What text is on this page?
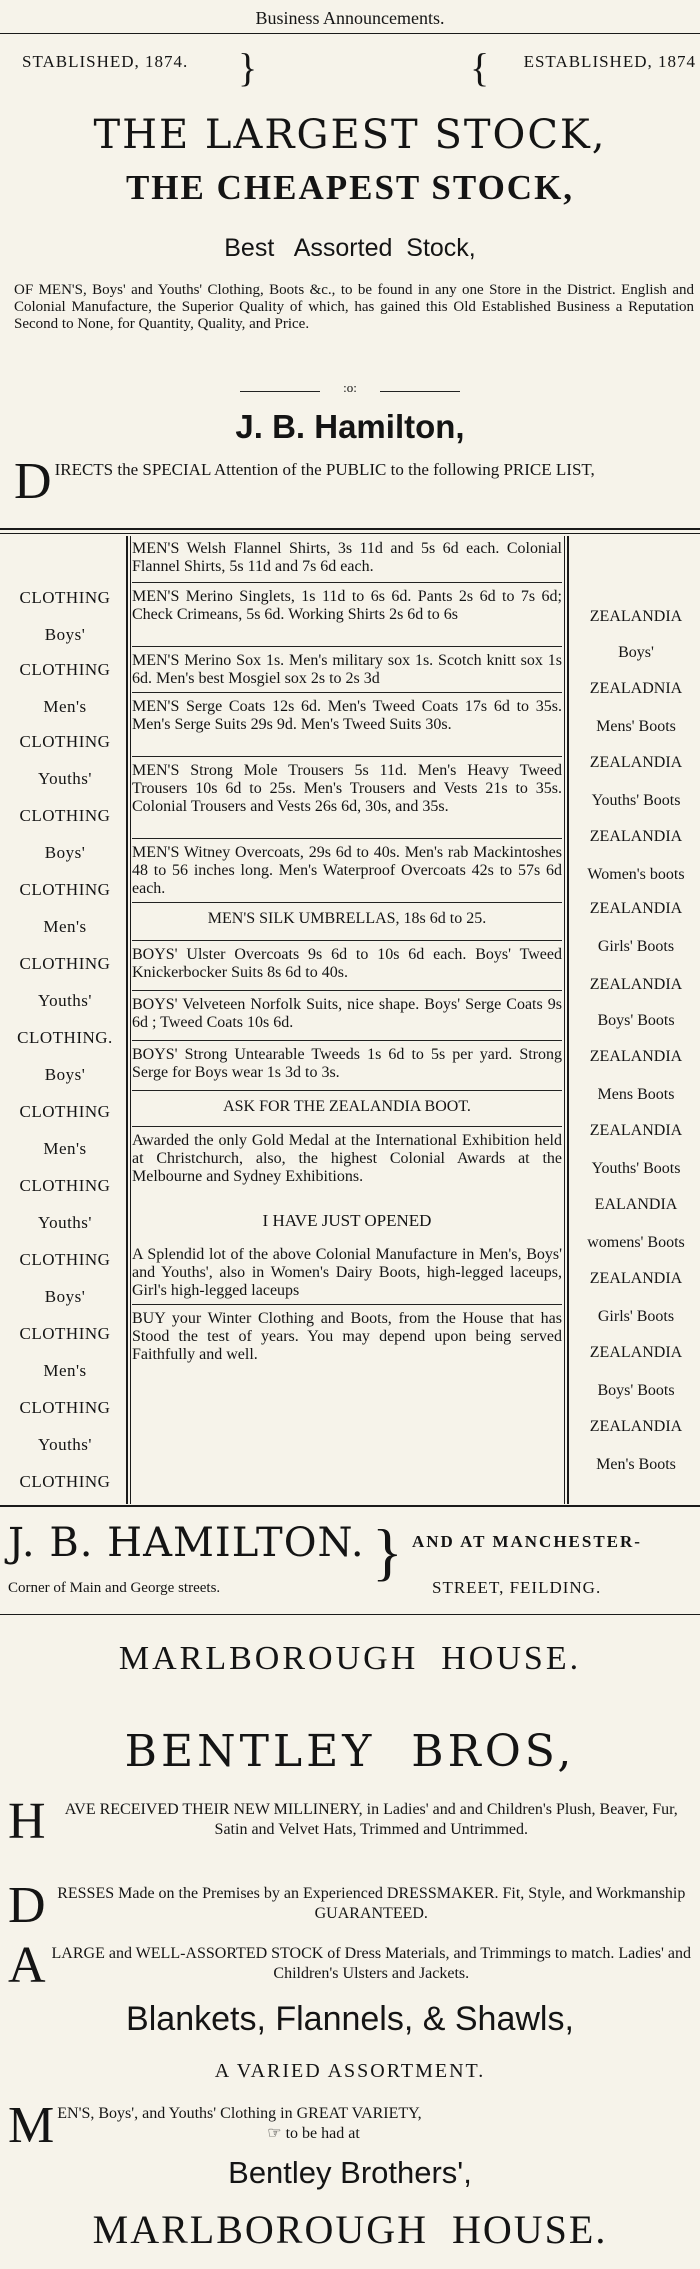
Business Announcements.
STABLISHED, 1874. }	{ ESTABLISHED, 1874
THE LARGEST STOCK,
THE CHEAPEST STOCK,
Best   Assorted  Stock,
OF MEN'S, Boys' and Youths' Clothing, Boots &c., to be found in any one Store in the District. English and Colonial Manufacture, the Superior Quality of which, has gained this Old Established Business a Reputation Second to None, for Quantity, Quality, and Price.
:o:
J. B. Hamilton,
D IRECTS the SPECIAL Attention of the PUBLIC to the following PRICE LIST,
CLOTHING
Boys'
CLOTHING
Men's
CLOTHING
Youths'
CLOTHING
Boys'
CLOTHING
Men's
CLOTHING
Youths'
CLOTHING.
Boys'
CLOTHING
Men's
CLOTHING
Youths'
CLOTHING
Boys'
CLOTHING
Men's
CLOTHING
Youths'
CLOTHING
ZEALANDIA
Boys'
ZEALADNIA
Mens' Boots
ZEALANDIA
Youths' Boots
ZEALANDIA
Women's boots
ZEALANDIA
Girls' Boots
ZEALANDIA
Boys' Boots
ZEALANDIA
Mens Boots
ZEALANDIA
Youths' Boots
EALANDIA
womens' Boots
ZEALANDIA
Girls' Boots
ZEALANDIA
Boys' Boots
ZEALANDIA
Men's Boots
MEN'S Welsh Flannel Shirts, 3s 11d and 5s 6d each. Colonial Flannel Shirts, 5s 11d and 7s 6d each.
MEN'S Merino Singlets, 1s 11d to 6s 6d. Pants 2s 6d to 7s 6d; Check Crimeans, 5s 6d. Working Shirts 2s 6d to 6s
MEN'S Merino Sox 1s. Men's military sox 1s. Scotch knitt sox 1s 6d. Men's best Mosgiel sox 2s to 2s 3d
MEN'S Serge Coats 12s 6d. Men's Tweed Coats 17s 6d to 35s. Men's Serge Suits 29s 9d. Men's Tweed Suits 30s.
MEN'S Strong Mole Trousers 5s 11d. Men's Heavy Tweed Trousers 10s 6d to 25s. Men's Trousers and Vests 21s to 35s. Colonial Trousers and Vests 26s 6d, 30s, and 35s.
MEN'S Witney Overcoats, 29s 6d to 40s. Men's rab Mackintoshes 48 to 56 inches long. Men's Waterproof Overcoats 42s to 57s 6d each.
MEN'S SILK UMBRELLAS, 18s 6d to 25.
BOYS' Ulster Overcoats 9s 6d to 10s 6d each. Boys' Tweed Knickerbocker Suits 8s 6d to 40s.
BOYS' Velveteen Norfolk Suits, nice shape. Boys' Serge Coats 9s 6d ; Tweed Coats 10s 6d.
BOYS' Strong Untearable Tweeds 1s 6d to 5s per yard. Strong Serge for Boys wear 1s 3d to 3s.
ASK FOR THE ZEALANDIA BOOT.
Awarded the only Gold Medal at the International Exhibition held at Christchurch, also, the highest Colonial Awards at the Melbourne and Sydney Exhibitions.
I HAVE JUST OPENED
A Splendid lot of the above Colonial Manufacture in Men's, Boys' and Youths', also in Women's Dairy Boots, high-legged laceups, Girl's high-legged laceups
BUY your Winter Clothing and Boots, from the House that has Stood the test of years. You may depend upon being served Faithfully and well.
J. B. HAMILTON.
Corner of Main and George streets.
} AND AT MANCHESTER-
STREET, FEILDING.
MARLBOROUGH  HOUSE.
BENTLEY  BROS,
H AVE RECEIVED THEIR NEW MILLINERY, in Ladies' and and Children's Plush, Beaver, Fur, Satin and Velvet Hats, Trimmed and Untrimmed.
D RESSES Made on the Premises by an Experienced DRESSMAKER. Fit, Style, and Workmanship GUARANTEED.
A LARGE and WELL-ASSORTED STOCK of Dress Materials, and Trimmings to match. Ladies' and Children's Ulsters and Jackets.
Blankets, Flannels, & Shawls,
A VARIED ASSORTMENT.
M EN'S, Boys', and Youths' Clothing in GREAT VARIETY,
☞ to be had at
Bentley Brothers',
MARLBOROUGH  HOUSE.
